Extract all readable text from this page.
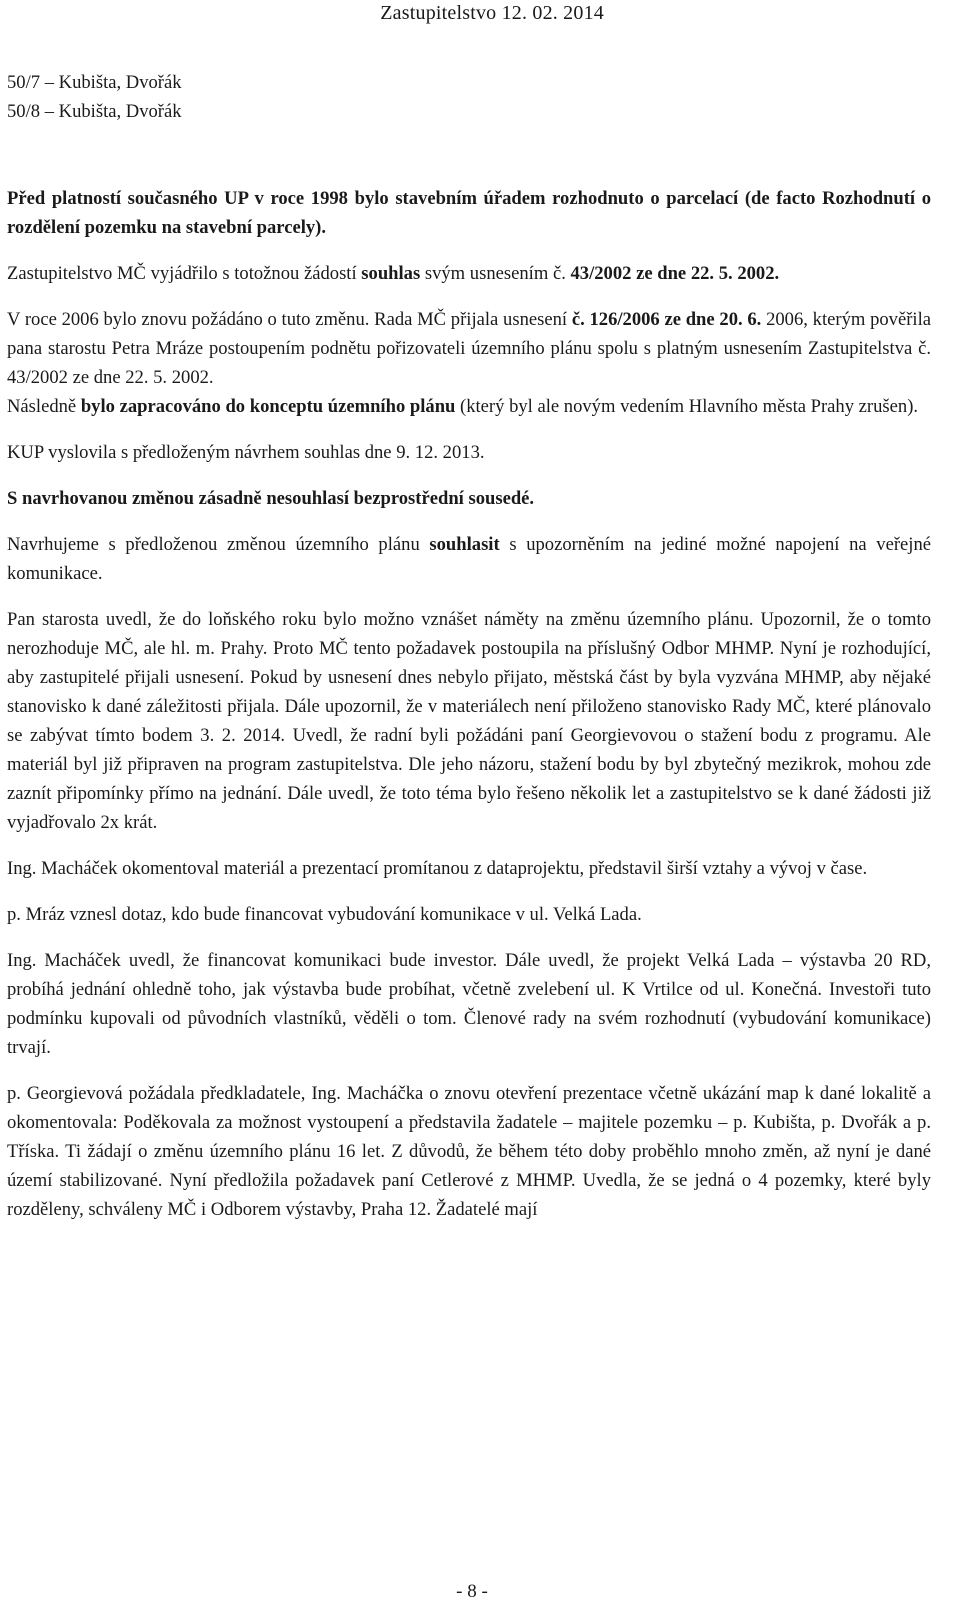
Zastupitelstvo 12. 02. 2014

50/7 – Kubišta, Dvořák

50/8 – Kubišta, Dvořák

Před platností současného UP v roce 1998 bylo stavebním úřadem rozhodnuto o parcelací (de facto Rozhodnutí o rozdělení pozemku na stavební parcely).

Zastupitelstvo MČ vyjádřilo s totožnou žádostí souhlas svým usnesením č. 43/2002 ze dne 22. 5. 2002.

V roce 2006 bylo znovu požádáno o tuto změnu. Rada MČ přijala usnesení č. 126/2006 ze dne 20. 6. 2006, kterým pověřila pana starostu Petra Mráze postoupením podnětu pořizovateli územního plánu spolu s platným usnesením Zastupitelstva č. 43/2002 ze dne 22. 5. 2002.

Následně bylo zapracováno do konceptu územního plánu (který byl ale novým vedením Hlavního města Prahy zrušen).

KUP vyslovila s předloženým návrhem souhlas dne 9. 12. 2013.

S navrhovanou změnou zásadně nesouhlasí bezprostřední sousedé.

Navrhujeme s předloženou změnou územního plánu souhlasit s upozorněním na jediné možné napojení na veřejné komunikace.

Pan starosta uvedl, že do loňského roku bylo možno vznášet náměty na změnu územního plánu. Upozornil, že o tomto nerozhoduje MČ, ale hl. m. Prahy. Proto MČ tento požadavek postoupila na příslušný Odbor MHMP. Nyní je rozhodující, aby zastupitelé přijali usnesení. Pokud by usnesení dnes nebylo přijato, městská část by byla vyzvána MHMP, aby nějaké stanovisko k dané záležitosti přijala. Dále upozornil, že v materiálech není přiloženo stanovisko Rady MČ, které plánovalo se zabývat tímto bodem 3. 2. 2014. Uvedl, že radní byli požádáni paní Georgievovou o stažení bodu z programu. Ale materiál byl již připraven na program zastupitelstva. Dle jeho názoru, stažení bodu by byl zbytečný mezikrok, mohou zde zaznít připomínky přímo na jednání. Dále uvedl, že toto téma bylo řešeno několik let a zastupitelstvo se k dané žádosti již vyjadřovalo 2x krát.

Ing. Macháček okomentoval materiál a prezentací promítanou z dataprojektu, představil širší vztahy a vývoj v čase.

p. Mráz vznesl dotaz, kdo bude financovat vybudování komunikace v ul. Velká Lada.

Ing. Macháček uvedl, že financovat komunikaci bude investor. Dále uvedl, že projekt Velká Lada – výstavba 20 RD, probíhá jednání ohledně toho, jak výstavba bude probíhat, včetně zvelebení ul. K Vrtilce od ul. Konečná. Investoři tuto podmínku kupovali od původních vlastníků, věděli o tom. Členové rady na svém rozhodnutí (vybudování komunikace) trvají.

p. Georgievová požádala předkladatele, Ing. Macháčka o znovu otevření prezentace včetně ukázání map k dané lokalitě a okomentovala: Poděkovala za možnost vystoupení a představila žadatele – majitele pozemku – p. Kubišta, p. Dvořák a p. Tříska. Ti žádají o změnu územního plánu 16 let. Z důvodů, že během této doby proběhlo mnoho změn, až nyní je dané území stabilizované. Nyní předložila požadavek paní Cetlerové z MHMP. Uvedla, že se jedná o 4 pozemky, které byly rozděleny, schváleny MČ i Odborem výstavby, Praha 12. Žadatelé mají

- 8 -
